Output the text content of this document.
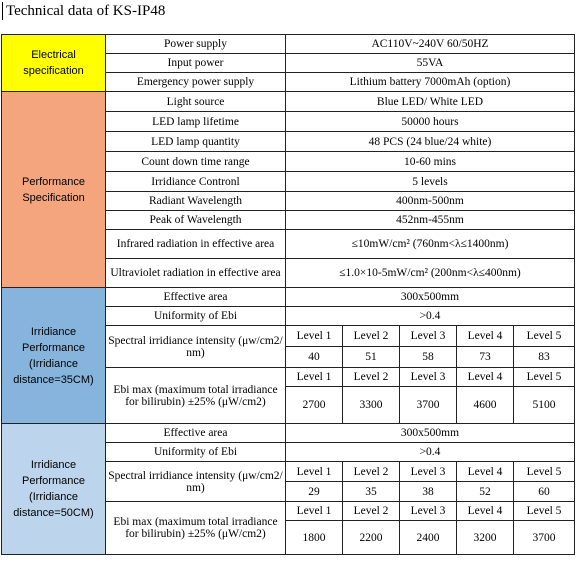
Technical data of KS-IP48
Electrical specification	Power supply	AC110V~240V 60/50HZ				
	Input power	55VA				
	Emergency power supply	Lithium battery 7000mAh (option)				
Performance Specification	Light source	Blue LED/ White LED				
	LED lamp lifetime	50000 hours				
	LED lamp quantity	48 PCS (24 blue/24 white)				
	Count down time range	10-60 mins				
	Irridiance Contronl	5 levels				
	Radiant Wavelength	400nm-500nm				
	Peak of Wavelength	452nm-455nm				
	Infrared radiation in effective area	≤10mW/cm² (760nm<λ≤1400nm)				
	Ultraviolet radiation in effective area	≤1.0×10-5mW/cm² (200nm<λ≤400nm)				
Irridiance Performance (Irridiance distance=35CM)	Effective area	300x500mm				
	Uniformity of Ebi	>0.4				
	Spectral irridiance intensity (μw/cm2/ nm)	Level 1	Level 2	Level 3	Level 4	Level 5
		40	51	58	73	83
	Ebi max (maximum total irradiance for bilirubin) ±25% (μW/cm2)	Level 1	Level 2	Level 3	Level 4	Level 5
		2700	3300	3700	4600	5100
Irridiance Performance (Irridiance distance=50CM)	Effective area	300x500mm				
	Uniformity of Ebi	>0.4				
	Spectral irridiance intensity (μw/cm2/ nm)	Level 1	Level 2	Level 3	Level 4	Level 5
		29	35	38	52	60
	Ebi max (maximum total irradiance for bilirubin) ±25% (μW/cm2)	Level 1	Level 2	Level 3	Level 4	Level 5
		1800	2200	2400	3200	3700
